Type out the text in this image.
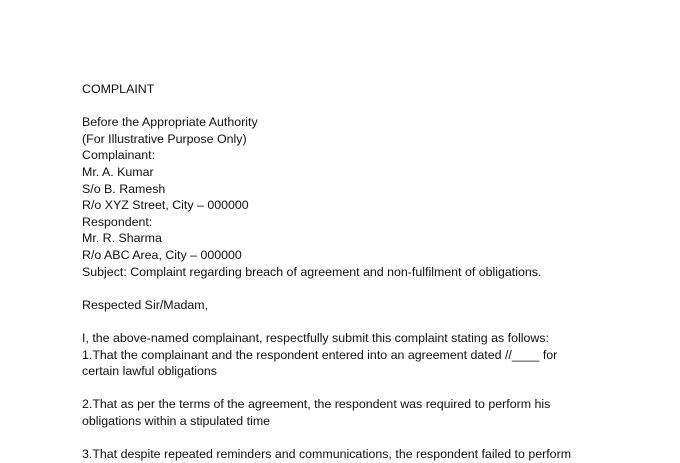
COMPLAINT
Before the Appropriate Authority
(For Illustrative Purpose Only)
Complainant:
Mr. A. Kumar
S/o B. Ramesh
R/o XYZ Street, City – 000000
Respondent:
Mr. R. Sharma
R/o ABC Area, City – 000000
Subject: Complaint regarding breach of agreement and non-fulfilment of obligations.
Respected Sir/Madam,
I, the above-named complainant, respectfully submit this complaint stating as follows:
1.That the complainant and the respondent entered into an agreement dated //____ for
certain lawful obligations
2.That as per the terms of the agreement, the respondent was required to perform his
obligations within a stipulated time
3.That despite repeated reminders and communications, the respondent failed to perform
